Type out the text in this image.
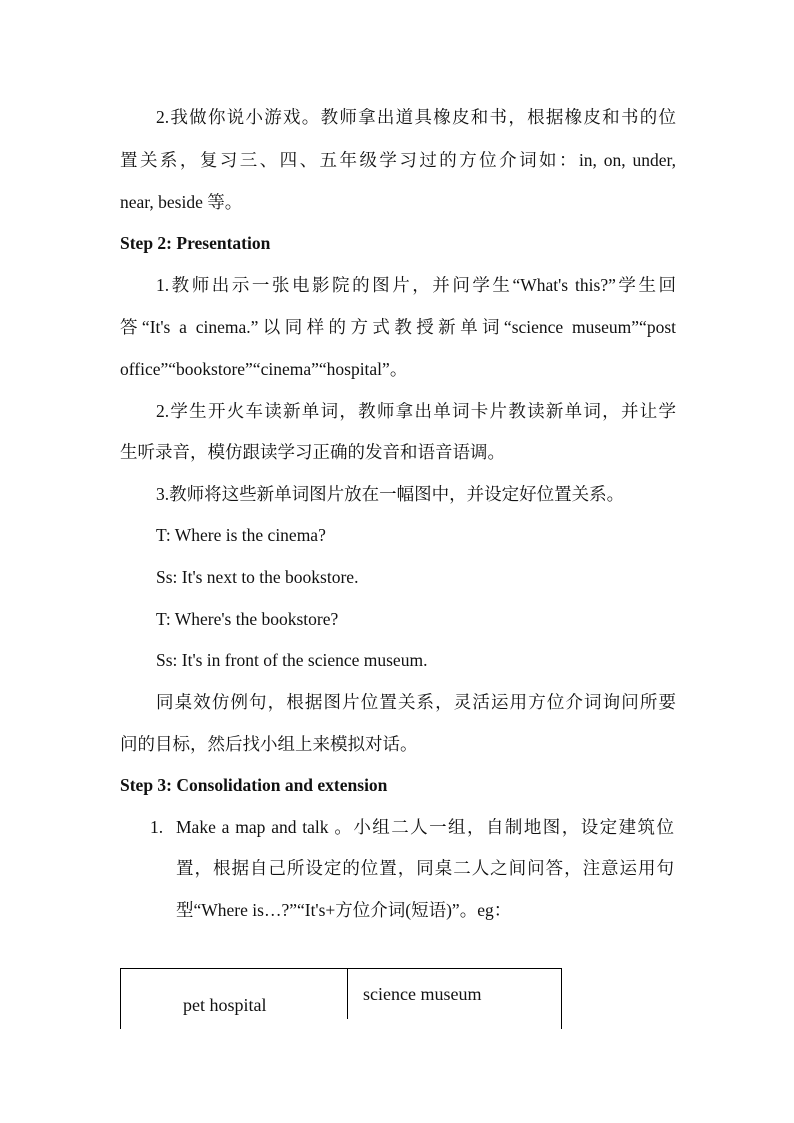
2.我做你说小游戏。教师拿出道具橡皮和书，根据橡皮和书的位
置关系，复习三、四、五年级学习过的方位介词如：in, on, under,
near, beside 等。
Step 2: Presentation
1.教师出示一张电影院的图片，并问学生“What's this?”学生回
答“It's a cinema.”以同样的方式教授新单词“science museum”“post
office”“bookstore”“cinema”“hospital”。
2.学生开火车读新单词，教师拿出单词卡片教读新单词，并让学
生听录音，模仿跟读学习正确的发音和语音语调。
3.教师将这些新单词图片放在一幅图中，并设定好位置关系。
T: Where is the cinema?
Ss: It's next to the bookstore.
T: Where's the bookstore?
Ss: It's in front of the science museum.
同桌效仿例句，根据图片位置关系，灵活运用方位介词询问所要
问的目标，然后找小组上来模拟对话。
Step 3: Consolidation and extension
1. Make a map and talk 。小组二人一组，自制地图，设定建筑位
置，根据自己所设定的位置，同桌二人之间问答，注意运用句
型“Where is…?”“It's+方位介词(短语)”。eg：
pet hospital
science museum
